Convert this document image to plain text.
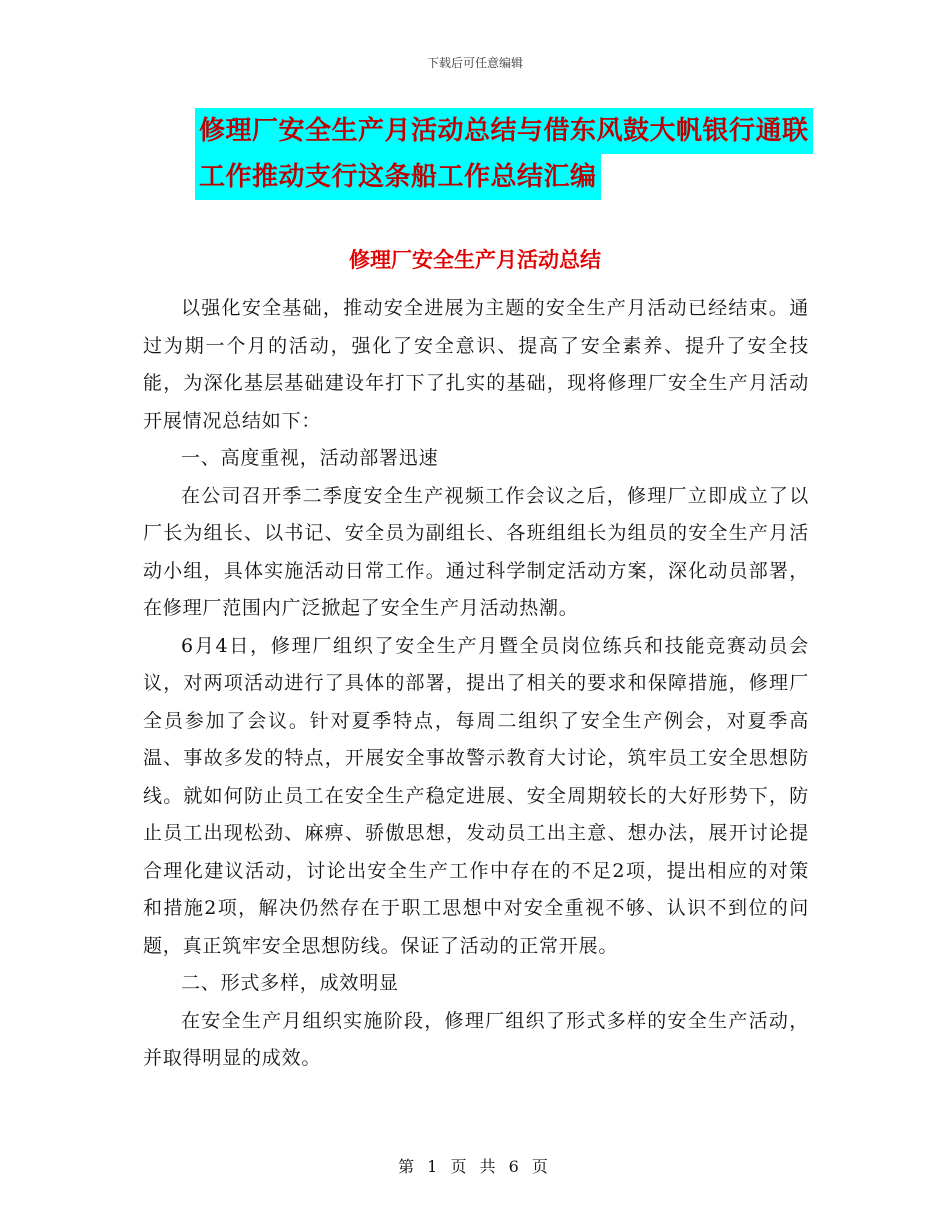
下载后可任意编辑
修理厂安全生产月活动总结与借东风鼓大帆银行通联
工作推动支行这条船工作总结汇编
修理厂安全生产月活动总结

以强化安全基础，推动安全进展为主题的安全生产月活动已经结束。通过为期一个月的活动，强化了安全意识、提高了安全素养、提升了安全技能，为深化基层基础建设年打下了扎实的基础，现将修理厂安全生产月活动开展情况总结如下：

一、高度重视，活动部署迅速

在公司召开季二季度安全生产视频工作会议之后，修理厂立即成立了以厂长为组长、以书记、安全员为副组长、各班组组长为组员的安全生产月活动小组，具体实施活动日常工作。通过科学制定活动方案，深化动员部署，在修理厂范围内广泛掀起了安全生产月活动热潮。

6月4日，修理厂组织了安全生产月暨全员岗位练兵和技能竞赛动员会议，对两项活动进行了具体的部署，提出了相关的要求和保障措施，修理厂全员参加了会议。针对夏季特点，每周二组织了安全生产例会，对夏季高温、事故多发的特点，开展安全事故警示教育大讨论，筑牢员工安全思想防线。就如何防止员工在安全生产稳定进展、安全周期较长的大好形势下，防止员工出现松劲、麻痹、骄傲思想，发动员工出主意、想办法，展开讨论提合理化建议活动，讨论出安全生产工作中存在的不足2项，提出相应的对策和措施2项，解决仍然存在于职工思想中对安全重视不够、认识不到位的问题，真正筑牢安全思想防线。保证了活动的正常开展。

二、形式多样，成效明显

在安全生产月组织实施阶段，修理厂组织了形式多样的安全生产活动，并取得明显的成效。

第 1 页 共 6 页
